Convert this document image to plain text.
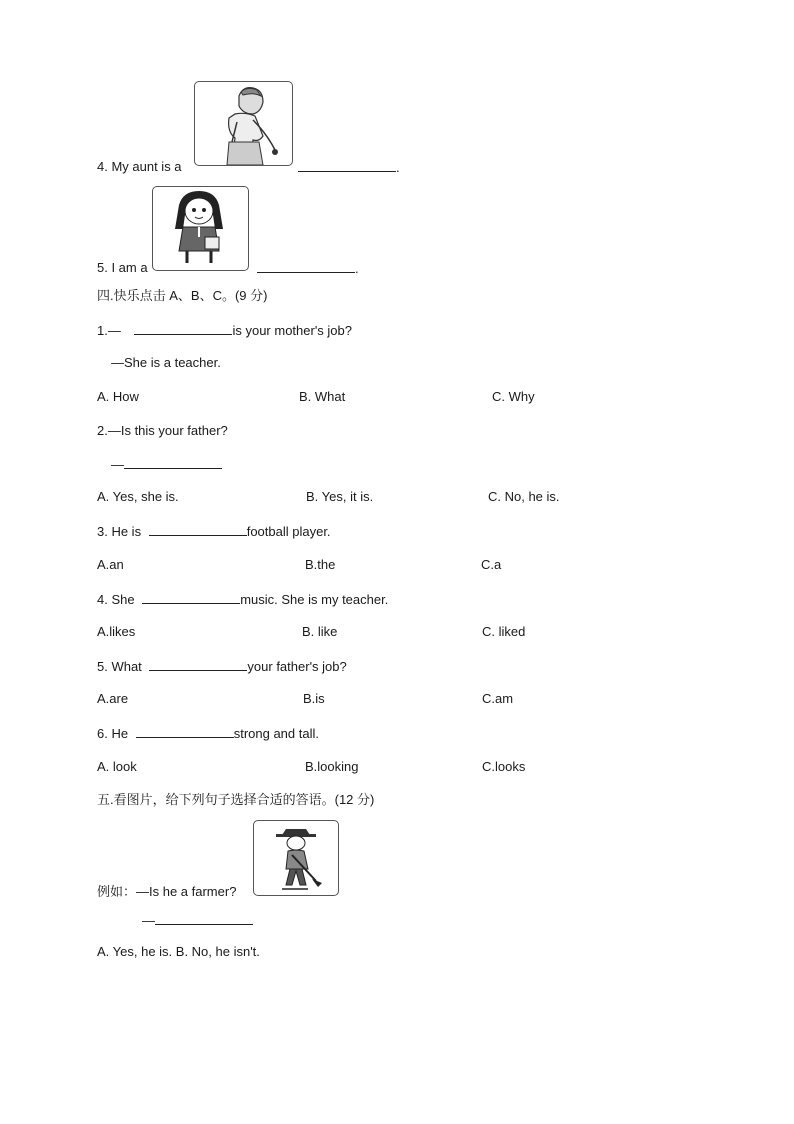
4. My aunt is a	.
5. I am a	.
四.快乐点击 A、B、C。(9 分)
1.—	is your mother's job?
—She is a teacher.
A. How	B. What	C. Why
2.—Is this your father?
—
A. Yes, she is.	B. Yes, it is.	C. No, he is.
3. He is	football player.
A.an	B.the	C.a
4. She	music. She is my teacher.
A.likes	B. like	C. liked
5. What	your father's job?
A.are	B.is	C.am
6. He	strong and tall.
A. look	B.looking	C.looks
五.看图片，给下列句子选择合适的答语。(12 分)
例如：—Is he a farmer?
—
A. Yes, he is. B. No, he isn't.
